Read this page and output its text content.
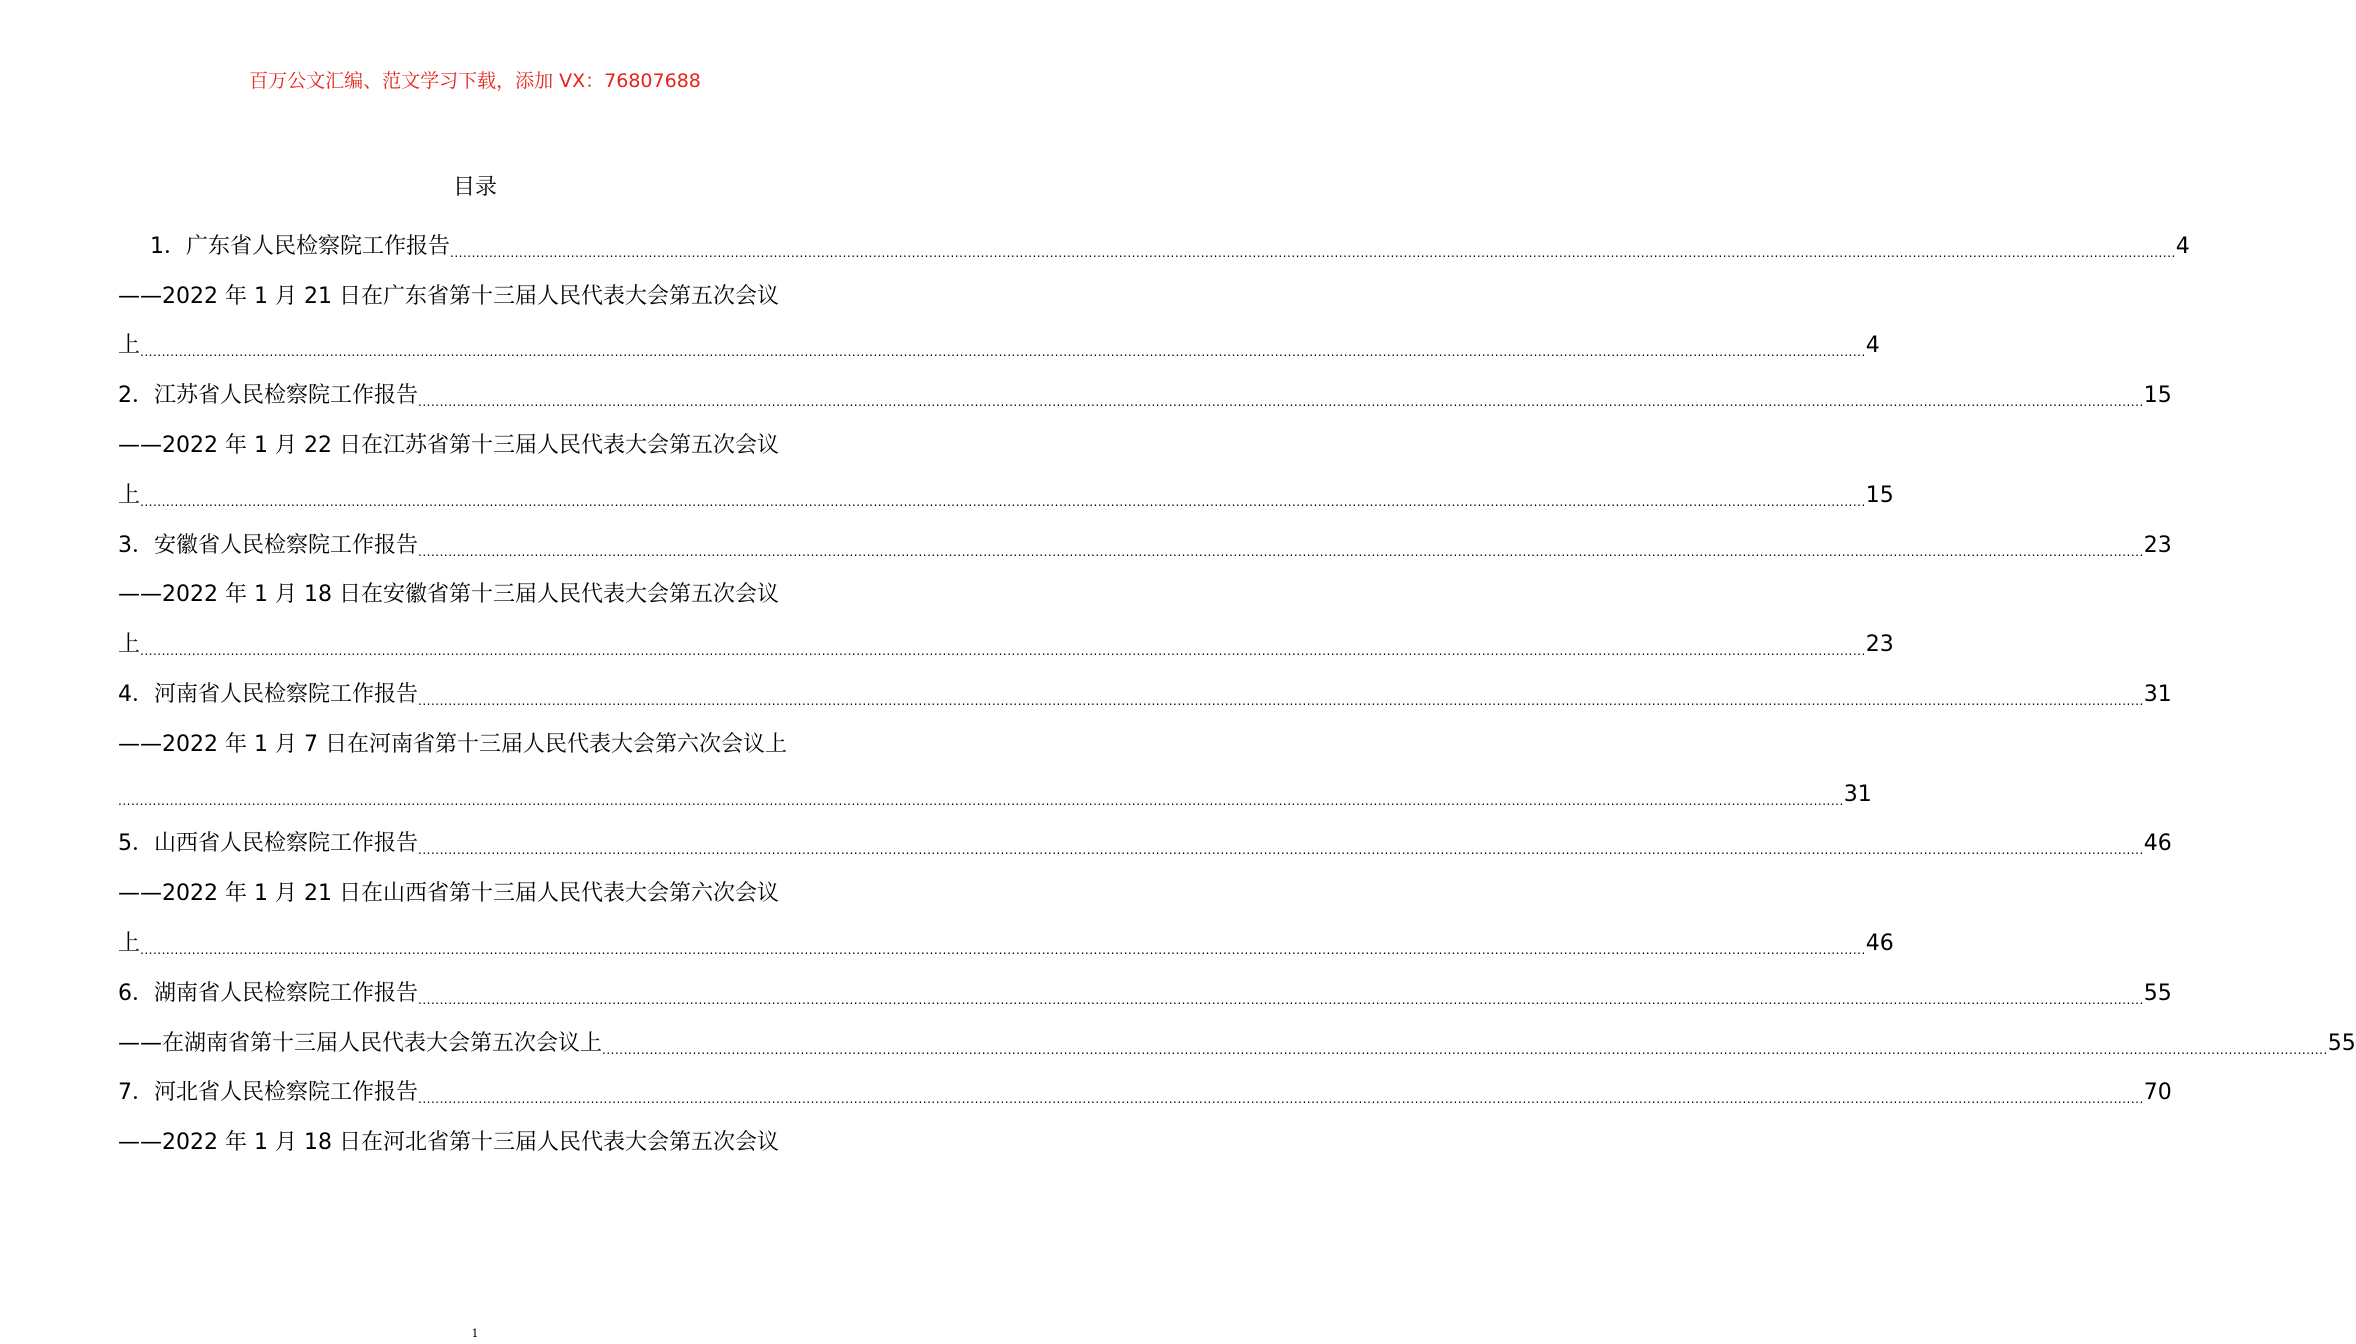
百万公文汇编、范文学习下载，添加 VX：76807688
目录
1．广东省人民检察院工作报告 ................................................................................................................................................................................................................................................................................................................................................................................................................ 4
——2022 年 1 月 21 日在广东省第十三届人民代表大会第五次会议
上 ................................................................................................................................................................................................................................................................................................................................................................................................................ 4
2．江苏省人民检察院工作报告 ................................................................................................................................................................................................................................................................................................................................................................................................................ 15
——2022 年 1 月 22 日在江苏省第十三届人民代表大会第五次会议
上 ................................................................................................................................................................................................................................................................................................................................................................................................................ 15
3．安徽省人民检察院工作报告 ................................................................................................................................................................................................................................................................................................................................................................................................................ 23
——2022 年 1 月 18 日在安徽省第十三届人民代表大会第五次会议
上 ................................................................................................................................................................................................................................................................................................................................................................................................................ 23
4．河南省人民检察院工作报告 ................................................................................................................................................................................................................................................................................................................................................................................................................ 31
——2022 年 1 月 7 日在河南省第十三届人民代表大会第六次会议上
................................................................................................................................................................................................................................................................................................................................................................................................................ 31
5．山西省人民检察院工作报告 ................................................................................................................................................................................................................................................................................................................................................................................................................ 46
——2022 年 1 月 21 日在山西省第十三届人民代表大会第六次会议
上 ................................................................................................................................................................................................................................................................................................................................................................................................................ 46
6．湖南省人民检察院工作报告 ................................................................................................................................................................................................................................................................................................................................................................................................................ 55
——在湖南省第十三届人民代表大会第五次会议上 ................................................................................................................................................................................................................................................................................................................................................................................................................ 55
7．河北省人民检察院工作报告 ................................................................................................................................................................................................................................................................................................................................................................................................................ 70
——2022 年 1 月 18 日在河北省第十三届人民代表大会第五次会议
1
